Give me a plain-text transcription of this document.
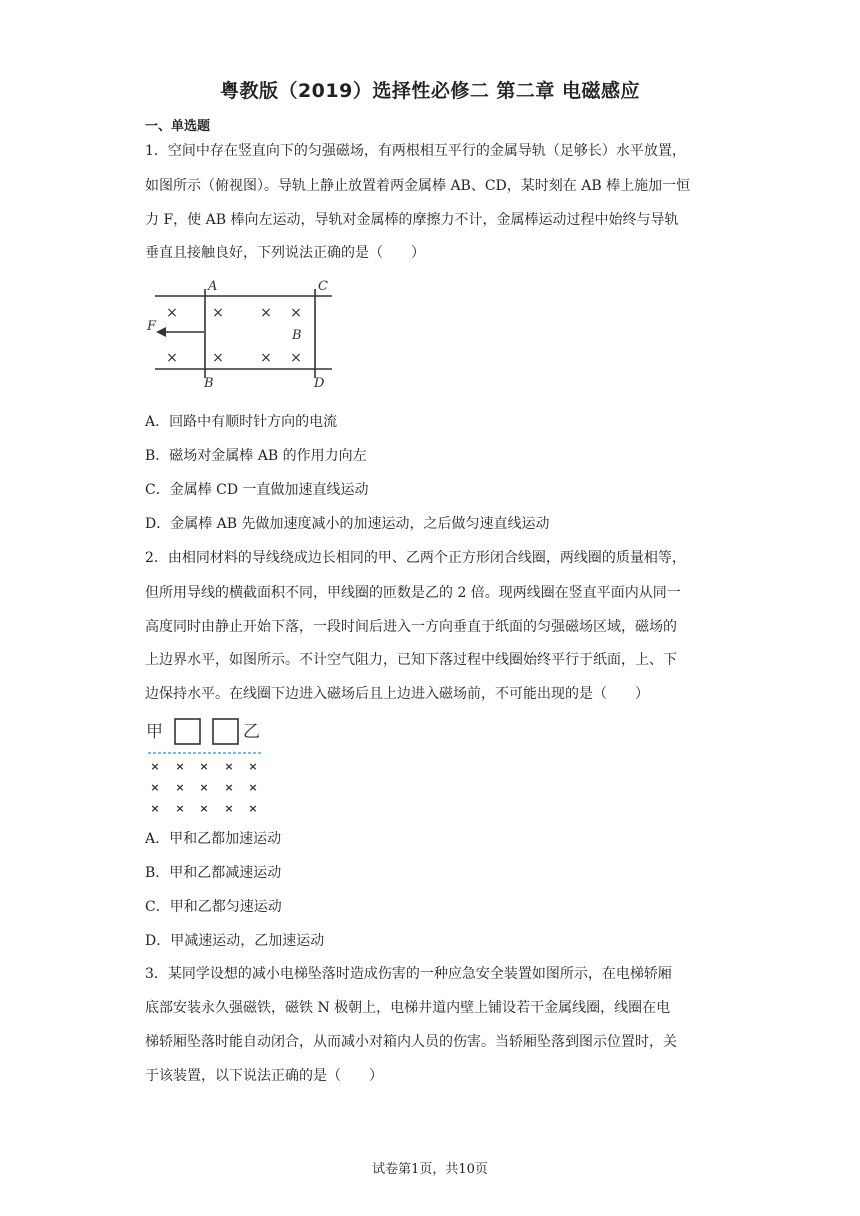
粤教版（2019）选择性必修二 第二章 电磁感应
一、单选题
1．空间中存在竖直向下的匀强磁场，有两根相互平行的金属导轨（足够长）水平放置，
如图所示（俯视图）。导轨上静止放置着两金属棒 AB、CD，某时刻在 AB 棒上施加一恒
力 F，使 AB 棒向左运动，导轨对金属棒的摩擦力不计，金属棒运动过程中始终与导轨
垂直且接触良好，下列说法正确的是（　　）
A	C
B	D
F
B
× ×	× ×
× ×	× ×
A．回路中有顺时针方向的电流
B．磁场对金属棒 AB 的作用力向左
C．金属棒 CD 一直做加速直线运动
D．金属棒 AB 先做加速度减小的加速运动，之后做匀速直线运动
2．由相同材料的导线绕成边长相同的甲、乙两个正方形闭合线圈，两线圈的质量相等，
但所用导线的横截面积不同，甲线圈的匝数是乙的 2 倍。现两线圈在竖直平面内从同一
高度同时由静止开始下落，一段时间后进入一方向垂直于纸面的匀强磁场区域，磁场的
上边界水平，如图所示。不计空气阻力，已知下落过程中线圈始终平行于纸面，上、下
边保持水平。在线圈下边进入磁场后且上边进入磁场前，不可能出现的是（　　）
甲	乙
× × × × ×
× × × × ×
× × × × ×
A．甲和乙都加速运动
B．甲和乙都减速运动
C．甲和乙都匀速运动
D．甲减速运动，乙加速运动
3．某同学设想的减小电梯坠落时造成伤害的一种应急安全装置如图所示，在电梯轿厢
底部安装永久强磁铁，磁铁 N 极朝上，电梯井道内壁上铺设若干金属线圈，线圈在电
梯轿厢坠落时能自动闭合，从而减小对箱内人员的伤害。当轿厢坠落到图示位置时，关
于该装置，以下说法正确的是（　　）
试卷第1页，共10页
